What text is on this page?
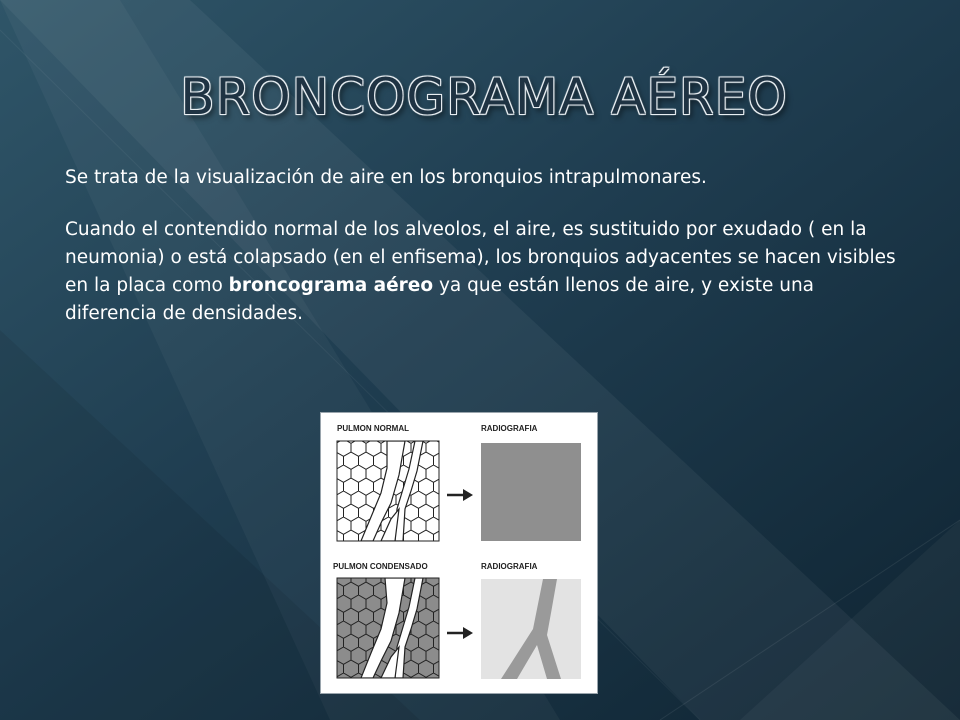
BRONCOGRAMA AÉREO

Se trata de la visualización de aire en los bronquios intrapulmonares.

Cuando el contendido normal de los alveolos, el aire, es sustituido por exudado ( en la neumonia) o está colapsado (en el enfisema), los bronquios adyacentes se hacen visibles en la placa como broncograma aéreo ya que están llenos de aire, y existe una diferencia de densidades.

PULMON NORMAL	RADIOGRAFIA
PULMON CONDENSADO	RADIOGRAFIA
